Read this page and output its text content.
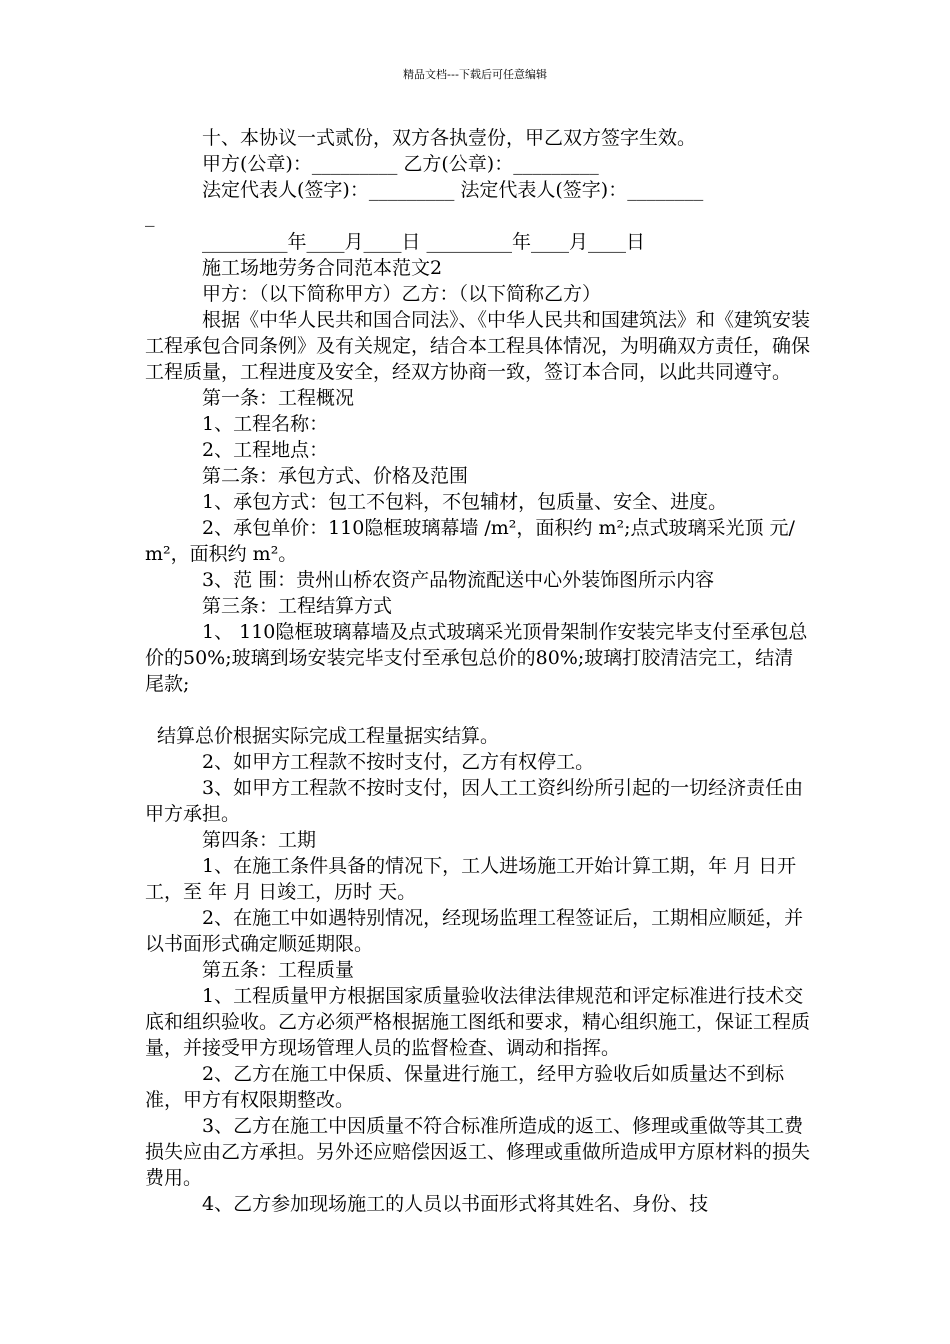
精品文档---下载后可任意编辑

十、本协议一式贰份，双方各执壹份，甲乙双方签字生效。

甲方(公章)：_________ 乙方(公章)：_________

法定代表人(签字)：_________ 法定代表人(签字)：________

_

_________年____月____日 _________年____月____日

施工场地劳务合同范本范文2

甲方：（以下简称甲方）乙方：（以下简称乙方）

根据《中华人民共和国合同法》、《中华人民共和国建筑法》和《建筑安装工程承包合同条例》及有关规定，结合本工程具体情况，为明确双方责任，确保工程质量，工程进度及安全，经双方协商一致，签订本合同，以此共同遵守。

第一条：工程概况

1、工程名称：

2、工程地点：

第二条：承包方式、价格及范围

1、承包方式：包工不包料，不包辅材，包质量、安全、进度。

2、承包单价：110隐框玻璃幕墙 /m²，面积约 m²;点式玻璃采光顶 元/m²，面积约 m²。

3、范 围：贵州山桥农资产品物流配送中心外装饰图所示内容

第三条：工程结算方式

1、 110隐框玻璃幕墙及点式玻璃采光顶骨架制作安装完毕支付至承包总价的50%;玻璃到场安装完毕支付至承包总价的80%;玻璃打胶清洁完工，结清尾款;

结算总价根据实际完成工程量据实结算。

2、如甲方工程款不按时支付，乙方有权停工。

3、如甲方工程款不按时支付，因人工工资纠纷所引起的一切经济责任由甲方承担。

第四条：工期

1、在施工条件具备的情况下，工人进场施工开始计算工期，年 月 日开工，至 年 月 日竣工，历时 天。

2、在施工中如遇特别情况，经现场监理工程签证后，工期相应顺延，并以书面形式确定顺延期限。

第五条：工程质量

1、工程质量甲方根据国家质量验收法律法律规范和评定标准进行技术交底和组织验收。乙方必须严格根据施工图纸和要求，精心组织施工，保证工程质量，并接受甲方现场管理人员的监督检查、调动和指挥。

2、乙方在施工中保质、保量进行施工，经甲方验收后如质量达不到标准，甲方有权限期整改。

3、乙方在施工中因质量不符合标准所造成的返工、修理或重做等其工费损失应由乙方承担。另外还应赔偿因返工、修理或重做所造成甲方原材料的损失费用。

4、乙方参加现场施工的人员以书面形式将其姓名、身份、技
